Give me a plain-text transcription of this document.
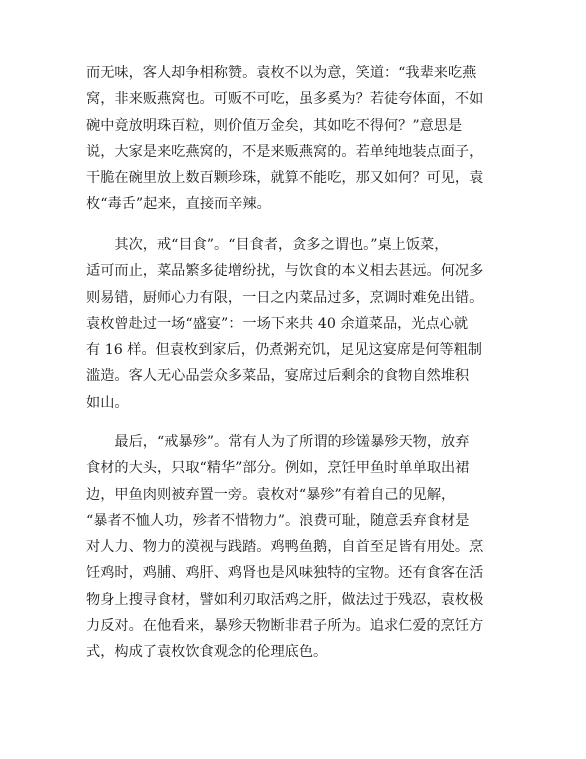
而无味，客人却争相称赞。袁枚不以为意，笑道：“我辈来吃燕
窝，非来贩燕窝也。可贩不可吃，虽多奚为？若徒夸体面，不如
碗中竟放明珠百粒，则价值万金矣，其如吃不得何？”意思是
说，大家是来吃燕窝的，不是来贩燕窝的。若单纯地装点面子，
干脆在碗里放上数百颗珍珠，就算不能吃，那又如何？可见，袁
枚“毒舌”起来，直接而辛辣。
其次，戒“目食”。“目食者，贪多之谓也。”桌上饭菜，
适可而止，菜品繁多徒增纷扰，与饮食的本义相去甚远。何况多
则易错，厨师心力有限，一日之内菜品过多，烹调时难免出错。
袁枚曾赴过一场“盛宴”：一场下来共 40 余道菜品，光点心就
有 16 样。但袁枚到家后，仍煮粥充饥，足见这宴席是何等粗制
滥造。客人无心品尝众多菜品，宴席过后剩余的食物自然堆积
如山。
最后，“戒暴殄”。常有人为了所谓的珍馐暴殄天物，放弃
食材的大头，只取“精华”部分。例如，烹饪甲鱼时单单取出裙
边，甲鱼肉则被弃置一旁。袁枚对“暴殄”有着自己的见解，
“暴者不恤人功，殄者不惜物力”。浪费可耻，随意丢弃食材是
对人力、物力的漠视与践踏。鸡鸭鱼鹅，自首至足皆有用处。烹
饪鸡时，鸡脯、鸡肝、鸡肾也是风味独特的宝物。还有食客在活
物身上搜寻食材，譬如利刃取活鸡之肝，做法过于残忍，袁枚极
力反对。在他看来，暴殄天物断非君子所为。追求仁爱的烹饪方
式，构成了袁枚饮食观念的伦理底色。
